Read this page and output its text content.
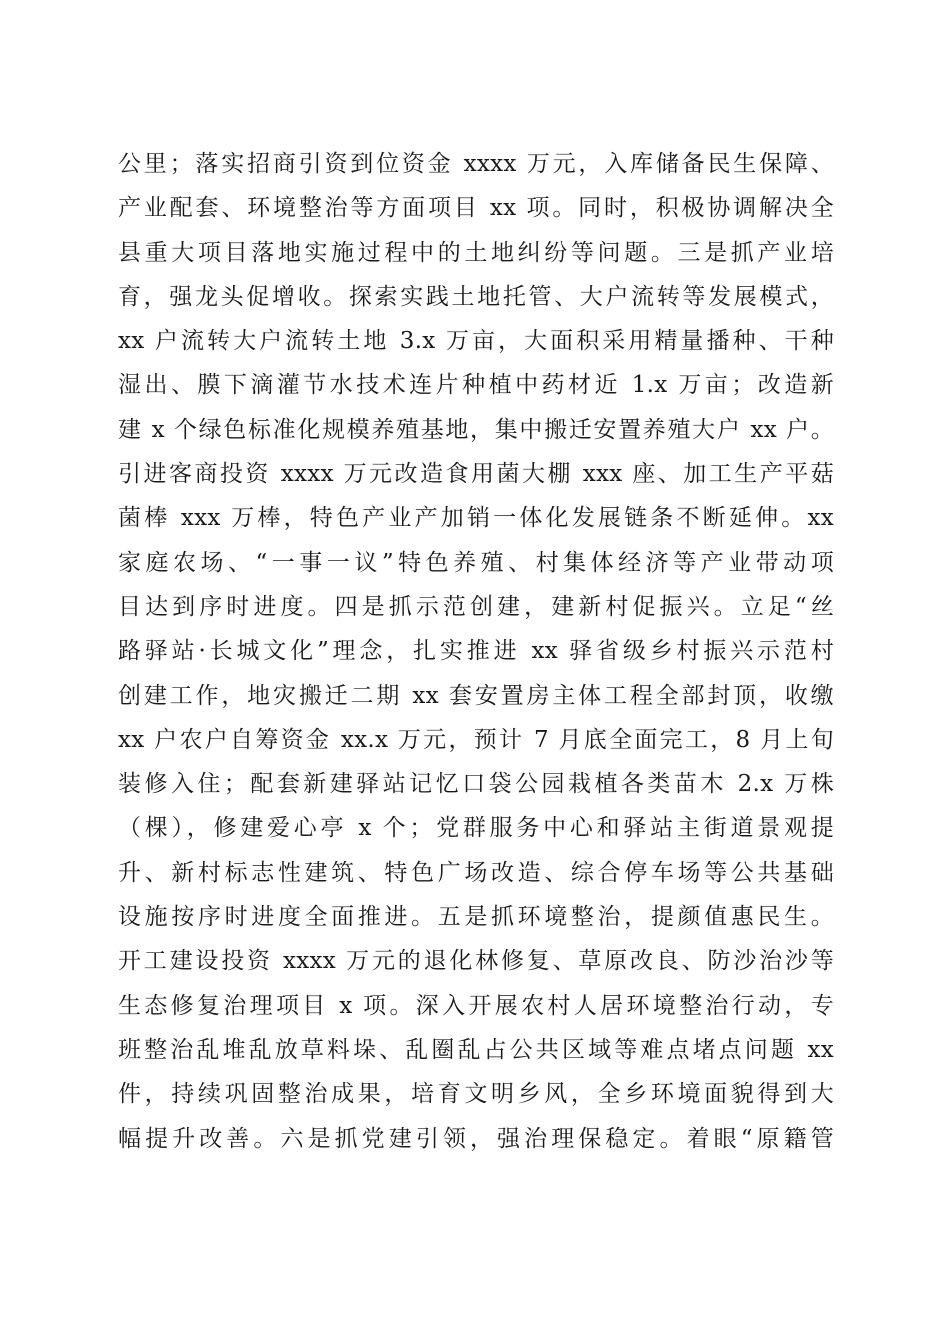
公里；落实招商引资到位资金 xxxx 万元，入库储备民生保障、
产业配套、环境整治等方面项目 xx 项。同时，积极协调解决全
县重大项目落地实施过程中的土地纠纷等问题。三是抓产业培
育，强龙头促增收。探索实践土地托管、大户流转等发展模式，
xx 户流转大户流转土地 3.x 万亩，大面积采用精量播种、干种
湿出、膜下滴灌节水技术连片种植中药材近 1.x 万亩；改造新
建 x 个绿色标准化规模养殖基地，集中搬迁安置养殖大户 xx 户。
引进客商投资 xxxx 万元改造食用菌大棚 xxx 座、加工生产平菇
菌棒 xxx 万棒，特色产业产加销一体化发展链条不断延伸。xx
家庭农场、“一事一议”特色养殖、村集体经济等产业带动项
目达到序时进度。四是抓示范创建，建新村促振兴。立足“丝
路驿站·长城文化”理念，扎实推进 xx 驿省级乡村振兴示范村
创建工作，地灾搬迁二期 xx 套安置房主体工程全部封顶，收缴
xx 户农户自筹资金 xx.x 万元，预计 7 月底全面完工，8 月上旬
装修入住；配套新建驿站记忆口袋公园栽植各类苗木 2.x 万株
（棵），修建爱心亭 x 个；党群服务中心和驿站主街道景观提
升、新村标志性建筑、特色广场改造、综合停车场等公共基础
设施按序时进度全面推进。五是抓环境整治，提颜值惠民生。
开工建设投资 xxxx 万元的退化林修复、草原改良、防沙治沙等
生态修复治理项目 x 项。深入开展农村人居环境整治行动，专
班整治乱堆乱放草料垛、乱圈乱占公共区域等难点堵点问题 xx
件，持续巩固整治成果，培育文明乡风，全乡环境面貌得到大
幅提升改善。六是抓党建引领，强治理保稳定。着眼“原籍管
